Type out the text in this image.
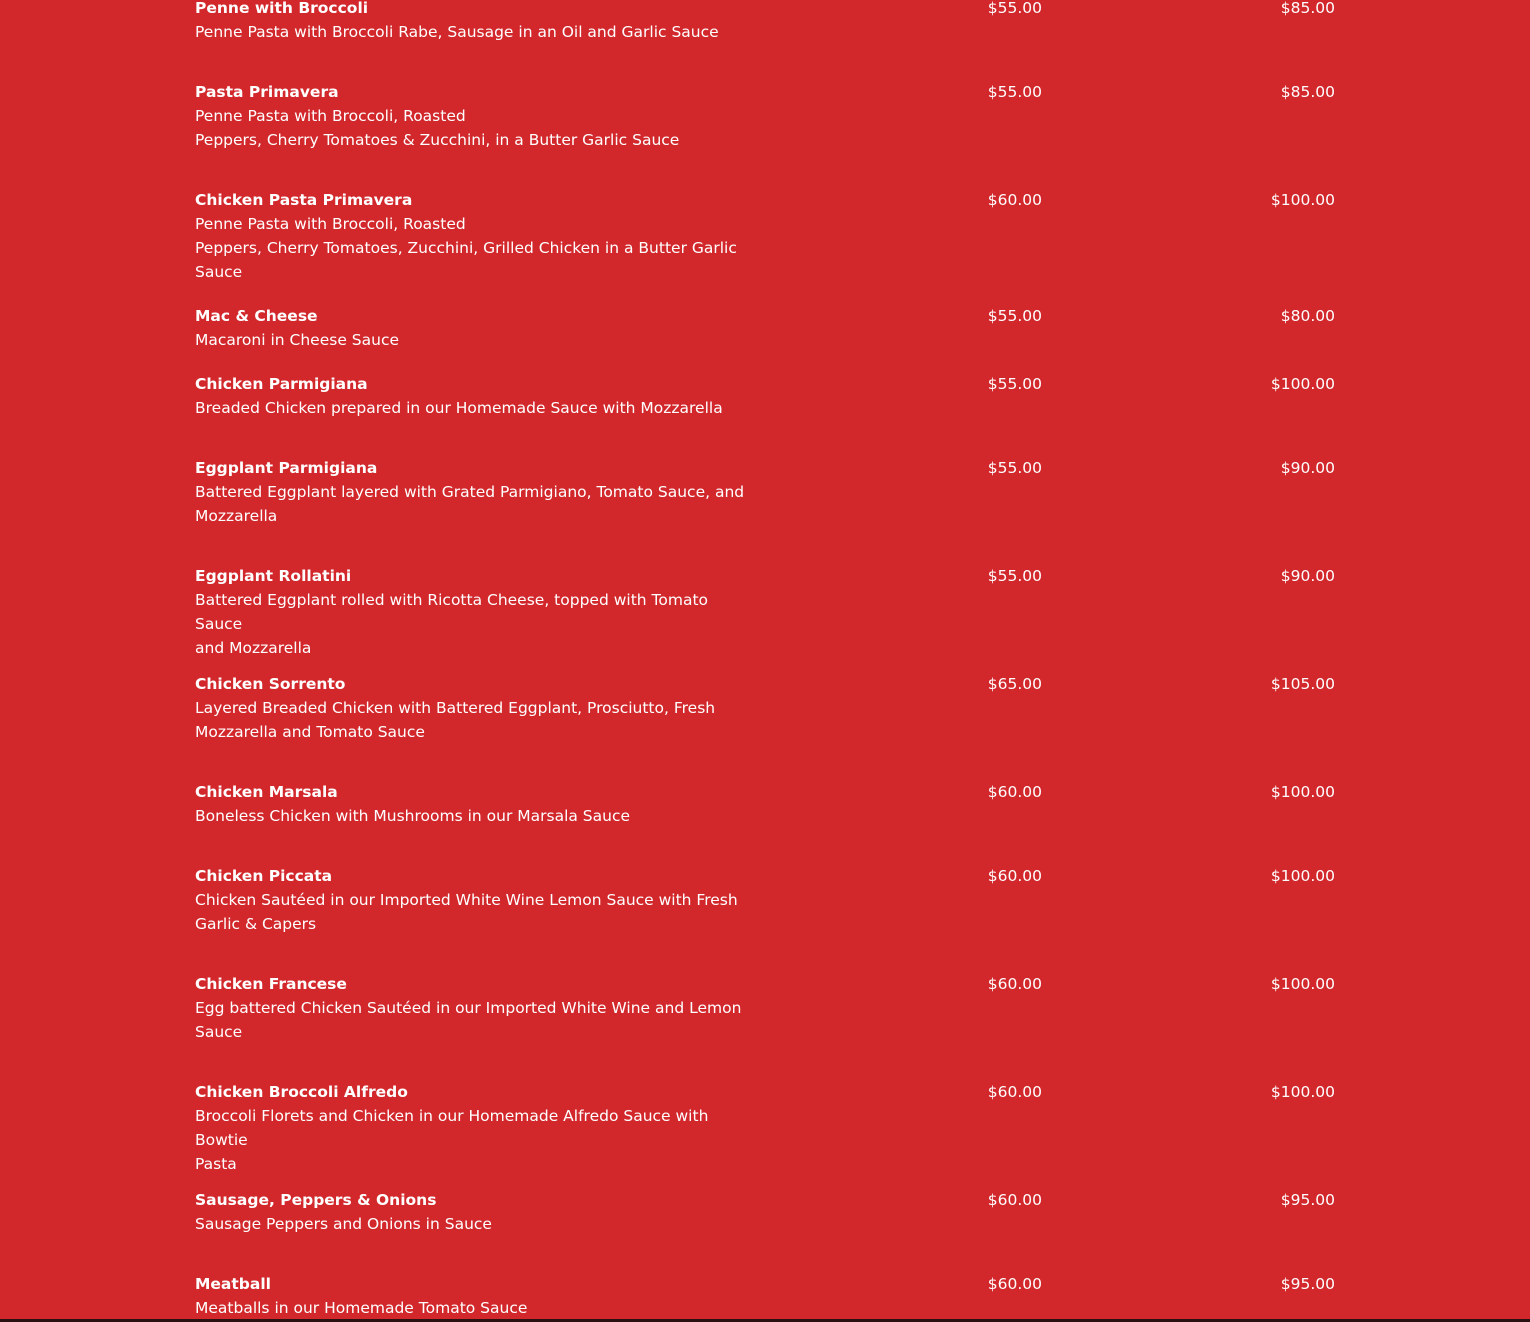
Penne with Broccoli
Penne Pasta with Broccoli Rabe, Sausage in an Oil and Garlic Sauce
$55.00	$85.00
Pasta Primavera
Penne Pasta with Broccoli, Roasted
Peppers, Cherry Tomatoes & Zucchini, in a Butter Garlic Sauce
$55.00	$85.00
Chicken Pasta Primavera
Penne Pasta with Broccoli, Roasted
Peppers, Cherry Tomatoes, Zucchini, Grilled Chicken in a Butter Garlic
Sauce
$60.00	$100.00
Mac & Cheese
Macaroni in Cheese Sauce
$55.00	$80.00
Chicken Parmigiana
Breaded Chicken prepared in our Homemade Sauce with Mozzarella
$55.00	$100.00
Eggplant Parmigiana
Battered Eggplant layered with Grated Parmigiano, Tomato Sauce, and
Mozzarella
$55.00	$90.00
Eggplant Rollatini
Battered Eggplant rolled with Ricotta Cheese, topped with Tomato Sauce
and Mozzarella
$55.00	$90.00
Chicken Sorrento
Layered Breaded Chicken with Battered Eggplant, Prosciutto, Fresh
Mozzarella and Tomato Sauce
$65.00	$105.00
Chicken Marsala
Boneless Chicken with Mushrooms in our Marsala Sauce
$60.00	$100.00
Chicken Piccata
Chicken Sautéed in our Imported White Wine Lemon Sauce with Fresh
Garlic & Capers
$60.00	$100.00
Chicken Francese
Egg battered Chicken Sautéed in our Imported White Wine and Lemon
Sauce
$60.00	$100.00
Chicken Broccoli Alfredo
Broccoli Florets and Chicken in our Homemade Alfredo Sauce with Bowtie
Pasta
$60.00	$100.00
Sausage, Peppers & Onions
Sausage Peppers and Onions in Sauce
$60.00	$95.00
Meatball
Meatballs in our Homemade Tomato Sauce
$60.00	$95.00
